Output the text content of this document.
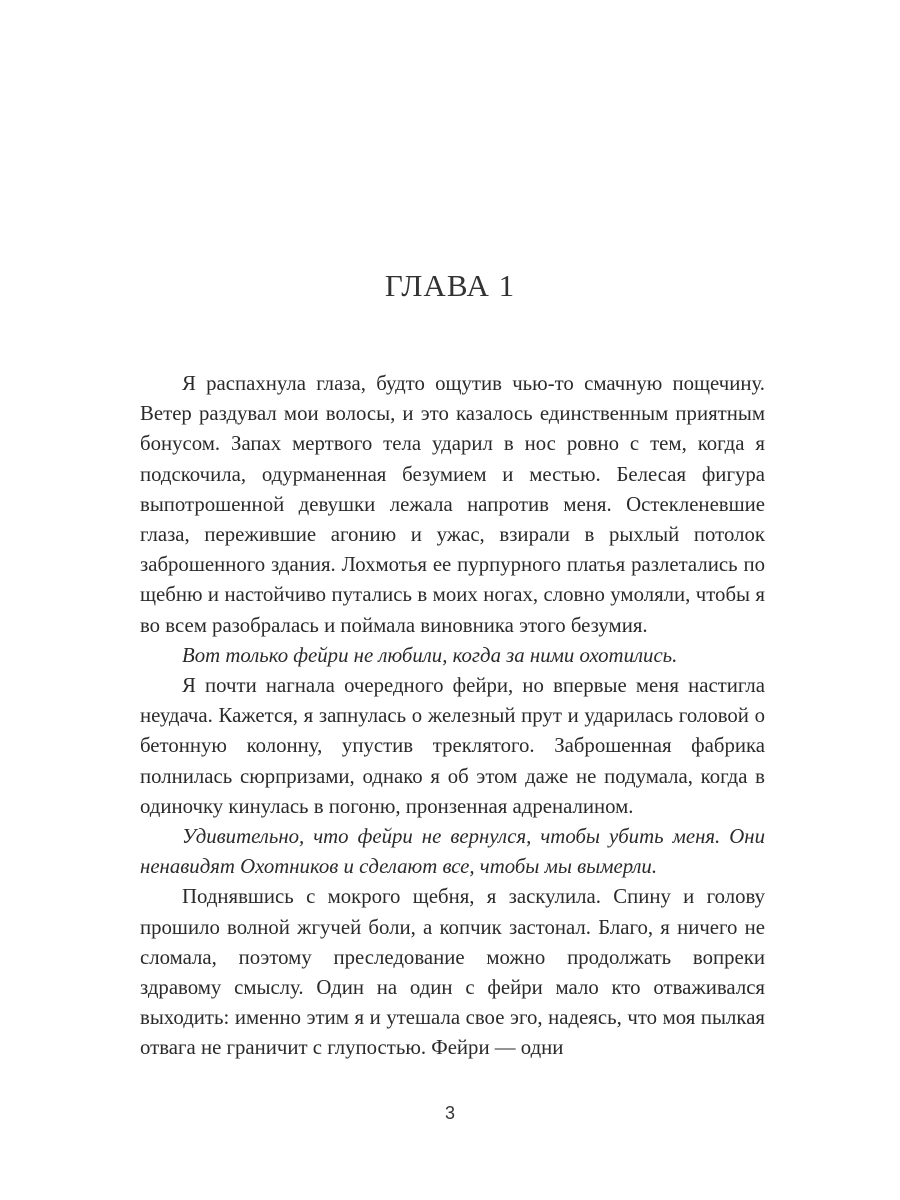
ГЛАВА 1

Я распахнула глаза, будто ощутив чью-то смачную пощечину. Ветер раздувал мои волосы, и это казалось единственным приятным бонусом. Запах мертвого тела ударил в нос ровно с тем, когда я подскочила, одурманенная безумием и местью. Белесая фигура выпотрошенной девушки лежала напротив меня. Остекленевшие глаза, пережившие агонию и ужас, взирали в рыхлый потолок заброшенного здания. Лохмотья ее пурпурного платья разлетались по щебню и настойчиво путались в моих ногах, словно умоляли, чтобы я во всем разобралась и поймала виновника этого безумия.

Вот только фейри не любили, когда за ними охотились.

Я почти нагнала очередного фейри, но впервые меня настигла неудача. Кажется, я запнулась о железный прут и ударилась головой о бетонную колонну, упустив треклятого. Заброшенная фабрика полнилась сюрпризами, однако я об этом даже не подумала, когда в одиночку кинулась в погоню, пронзенная адреналином.

Удивительно, что фейри не вернулся, чтобы убить меня. Они ненавидят Охотников и сделают все, чтобы мы вымерли.

Поднявшись с мокрого щебня, я заскулила. Спину и голову прошило волной жгучей боли, а копчик застонал. Благо, я ничего не сломала, поэтому преследование можно продолжать вопреки здравому смыслу. Один на один с фейри мало кто отваживался выходить: именно этим я и утешала свое эго, надеясь, что моя пылкая отвага не граничит с глупостью. Фейри — одни

3
